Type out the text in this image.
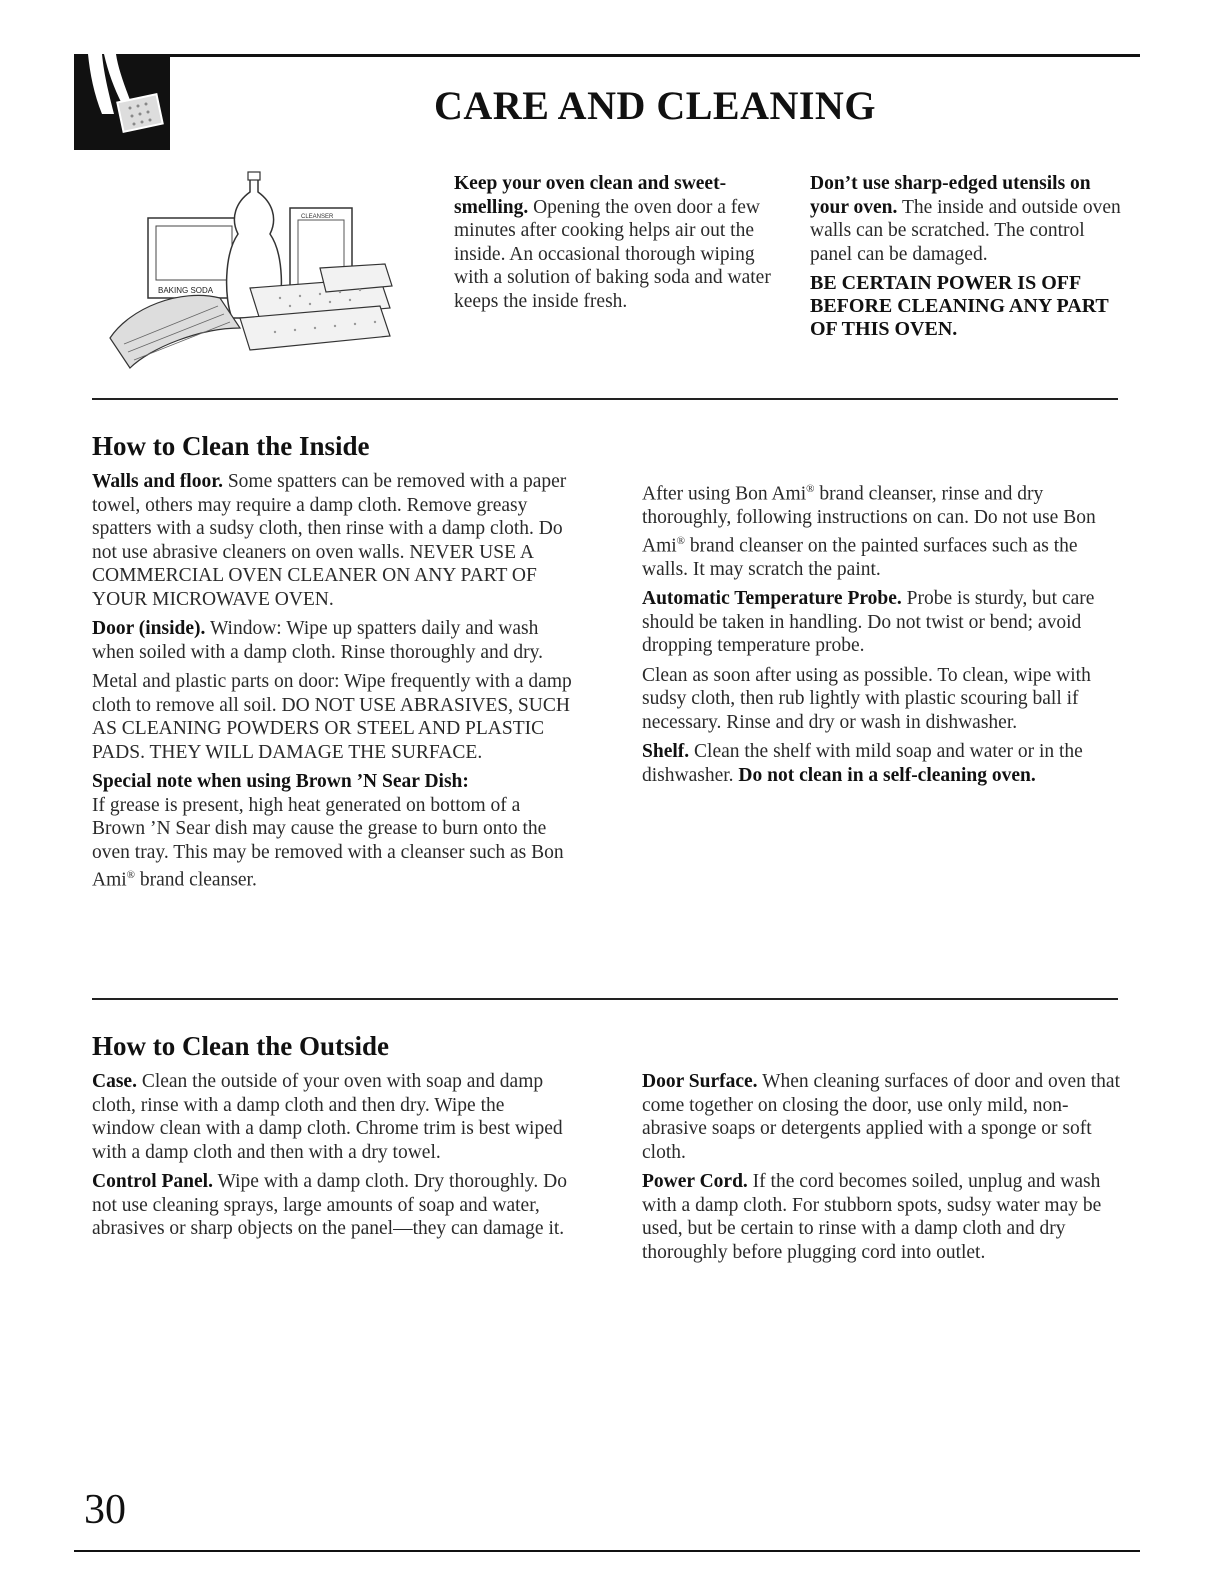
CARE AND CLEANING
BAKING SODA
CLEANSER

Keep your oven clean and sweet-smelling. Opening the oven door a few minutes after cooking helps air out the inside. An occasional thorough wiping with a solution of baking soda and water keeps the inside fresh.

Don’t use sharp-edged utensils on your oven. The inside and outside oven walls can be scratched. The control panel can be damaged.

BE CERTAIN POWER IS OFF BEFORE CLEANING ANY PART OF THIS OVEN.

How to Clean the Inside

Walls and floor. Some spatters can be removed with a paper towel, others may require a damp cloth. Remove greasy spatters with a sudsy cloth, then rinse with a damp cloth. Do not use abrasive cleaners on oven walls. NEVER USE A COMMERCIAL OVEN CLEANER ON ANY PART OF YOUR MICROWAVE OVEN.

Door (inside). Window: Wipe up spatters daily and wash when soiled with a damp cloth. Rinse thoroughly and dry.

Metal and plastic parts on door: Wipe frequently with a damp cloth to remove all soil. DO NOT USE ABRASIVES, SUCH AS CLEANING POWDERS OR STEEL AND PLASTIC PADS. THEY WILL DAMAGE THE SURFACE.

Special note when using Brown ’N Sear Dish:

If grease is present, high heat generated on bottom of a Brown ’N Sear dish may cause the grease to burn onto the oven tray. This may be removed with a cleanser such as Bon Ami® brand cleanser.

After using Bon Ami® brand cleanser, rinse and dry thoroughly, following instructions on can. Do not use Bon Ami® brand cleanser on the painted surfaces such as the walls. It may scratch the paint.

Automatic Temperature Probe. Probe is sturdy, but care should be taken in handling. Do not twist or bend; avoid dropping temperature probe.

Clean as soon after using as possible. To clean, wipe with sudsy cloth, then rub lightly with plastic scouring ball if necessary. Rinse and dry or wash in dishwasher.

Shelf. Clean the shelf with mild soap and water or in the dishwasher. Do not clean in a self-cleaning oven.

How to Clean the Outside

Case. Clean the outside of your oven with soap and damp cloth, rinse with a damp cloth and then dry. Wipe the window clean with a damp cloth. Chrome trim is best wiped with a damp cloth and then with a dry towel.

Control Panel. Wipe with a damp cloth. Dry thoroughly. Do not use cleaning sprays, large amounts of soap and water, abrasives or sharp objects on the panel—they can damage it.

Door Surface. When cleaning surfaces of door and oven that come together on closing the door, use only mild, non-abrasive soaps or detergents applied with a sponge or soft cloth.

Power Cord. If the cord becomes soiled, unplug and wash with a damp cloth. For stubborn spots, sudsy water may be used, but be certain to rinse with a damp cloth and dry thoroughly before plugging cord into outlet.

30
